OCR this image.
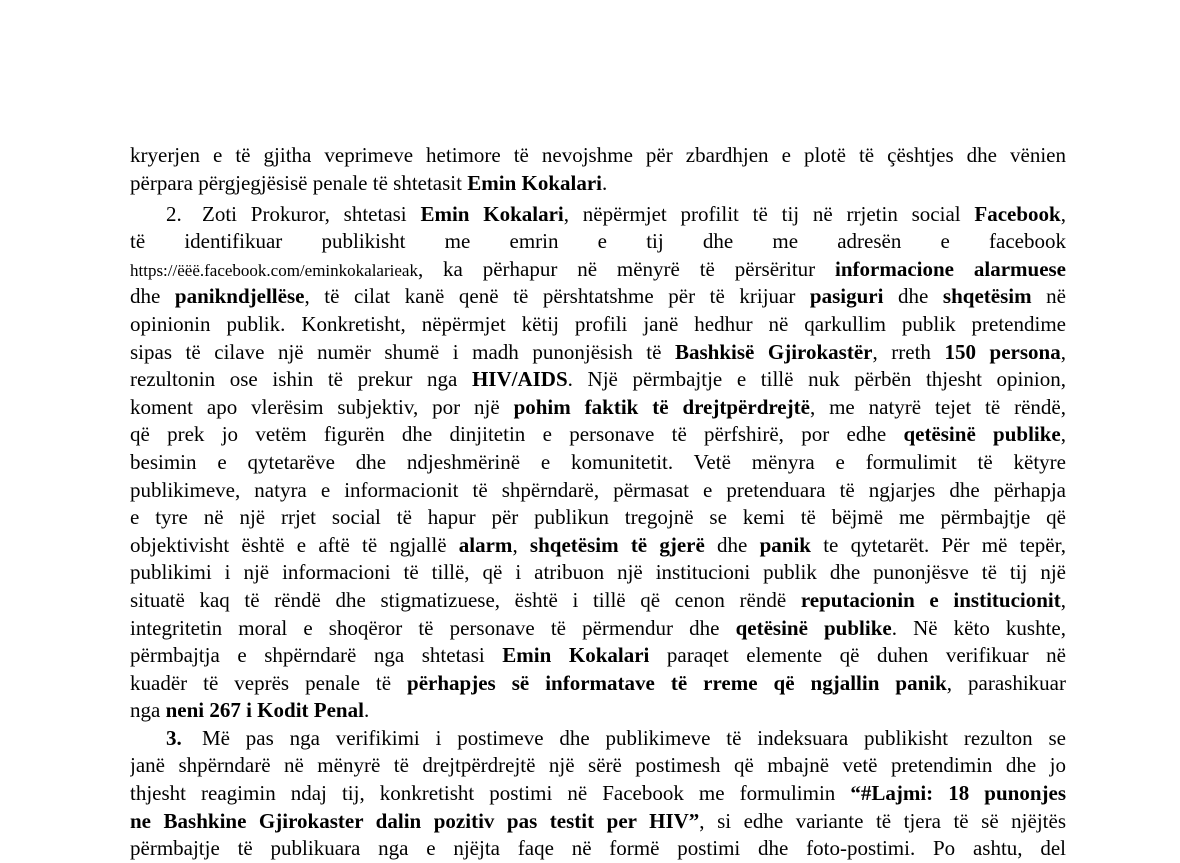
kryerjen e të gjitha veprimeve hetimore të nevojshme për zbardhjen e plotë të çështjes dhe vënien
përpara përgjegjësisë penale të shtetasit Emin Kokalari.
2. Zoti Prokuror, shtetasi Emin Kokalari, nëpërmjet profilit të tij në rrjetin social Facebook,
të identifikuar publikisht me emrin e tij dhe me adresën e facebook
https://ëëë.facebook.com/eminkokalarieak, ka përhapur në mënyrë të përsëritur informacione alarmuese
dhe panikndjellëse, të cilat kanë qenë të përshtatshme për të krijuar pasiguri dhe shqetësim në
opinionin publik. Konkretisht, nëpërmjet këtij profili janë hedhur në qarkullim publik pretendime
sipas të cilave një numër shumë i madh punonjësish të Bashkisë Gjirokastër, rreth 150 persona,
rezultonin ose ishin të prekur nga HIV/AIDS. Një përmbajtje e tillë nuk përbën thjesht opinion,
koment apo vlerësim subjektiv, por një pohim faktik të drejtpërdrejtë, me natyrë tejet të rëndë,
që prek jo vetëm figurën dhe dinjitetin e personave të përfshirë, por edhe qetësinë publike,
besimin e qytetarëve dhe ndjeshmërinë e komunitetit. Vetë mënyra e formulimit të këtyre
publikimeve, natyra e informacionit të shpërndarë, përmasat e pretenduara të ngjarjes dhe përhapja
e tyre në një rrjet social të hapur për publikun tregojnë se kemi të bëjmë me përmbajtje që
objektivisht është e aftë të ngjallë alarm, shqetësim të gjerë dhe panik te qytetarët. Për më tepër,
publikimi i një informacioni të tillë, që i atribuon një institucioni publik dhe punonjësve të tij një
situatë kaq të rëndë dhe stigmatizuese, është i tillë që cenon rëndë reputacionin e institucionit,
integritetin moral e shoqëror të personave të përmendur dhe qetësinë publike. Në këto kushte,
përmbajtja e shpërndarë nga shtetasi Emin Kokalari paraqet elemente që duhen verifikuar në
kuadër të veprës penale të përhapjes së informatave të rreme që ngjallin panik, parashikuar
nga neni 267 i Kodit Penal.
3. Më pas nga verifikimi i postimeve dhe publikimeve të indeksuara publikisht rezulton se
janë shpërndarë në mënyrë të drejtpërdrejtë një sërë postimesh që mbajnë vetë pretendimin dhe jo
thjesht reagimin ndaj tij, konkretisht postimi në Facebook me formulimin “#Lajmi: 18 punonjes
ne Bashkine Gjirokaster dalin pozitiv pas testit per HIV”, si edhe variante të tjera të së njëjtës
përmbajtje të publikuara nga e njëjta faqe në formë postimi dhe foto-postimi. Po ashtu, del
